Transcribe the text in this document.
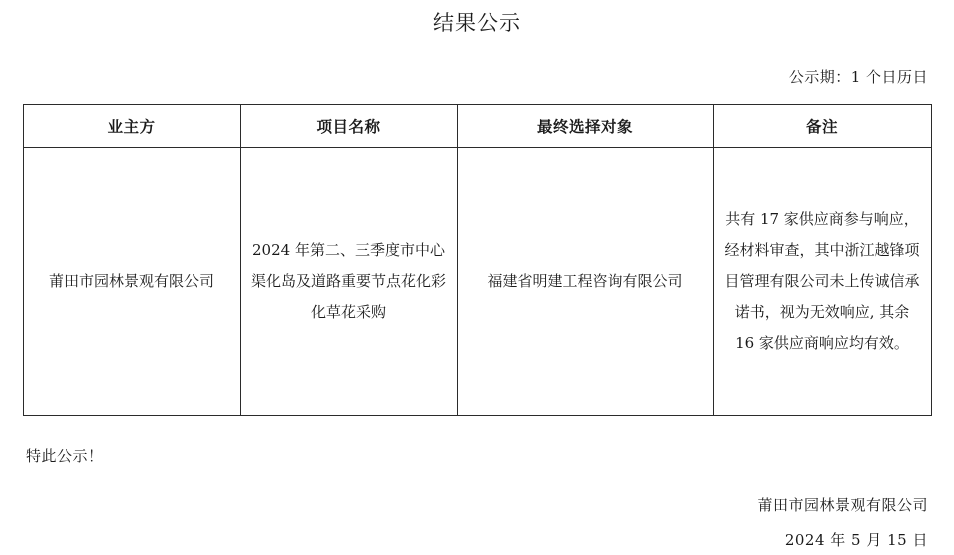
结果公示
公示期：1 个日历日
业主方	项目名称	最终选择对象	备注
莆田市园林景观有限公司	2024 年第二、三季度市中心渠化岛及道路重要节点花化彩化草花采购	福建省明建工程咨询有限公司	共有 17 家供应商参与响应，经材料审查，其中浙江越锋项目管理有限公司未上传诚信承诺书，视为无效响应, 其余 16 家供应商响应均有效。
特此公示！
莆田市园林景观有限公司
2024 年 5 月 15 日
